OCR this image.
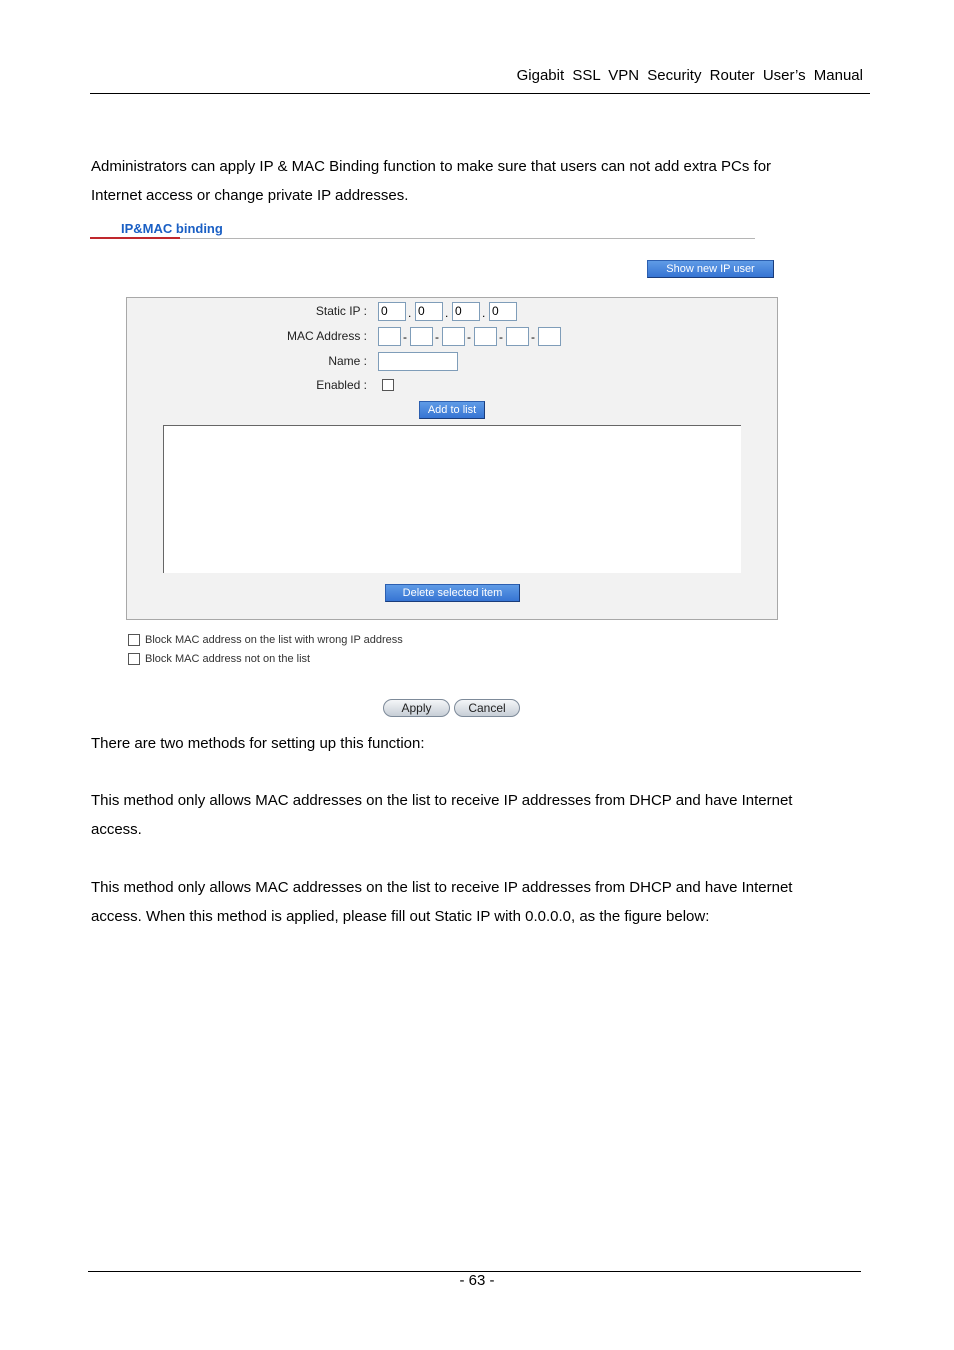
Gigabit SSL VPN Security Router User’s Manual
Administrators can apply IP & MAC Binding function to make sure that users can not add extra PCs for
Internet access or change private IP addresses.
IP&MAC binding
Show new IP user
Static IP : 0	. 0	. 0	. 0
MAC Address :	- - - - -
Name :
Enabled :
Add to list
Delete selected item
Block MAC address on the list with wrong IP address
Block MAC address not on the list
Apply	Cancel
There are two methods for setting up this function:
This method only allows MAC addresses on the list to receive IP addresses from DHCP and have Internet
access.
This method only allows MAC addresses on the list to receive IP addresses from DHCP and have Internet
access. When this method is applied, please fill out Static IP with 0.0.0.0, as the figure below:
- 63 -
